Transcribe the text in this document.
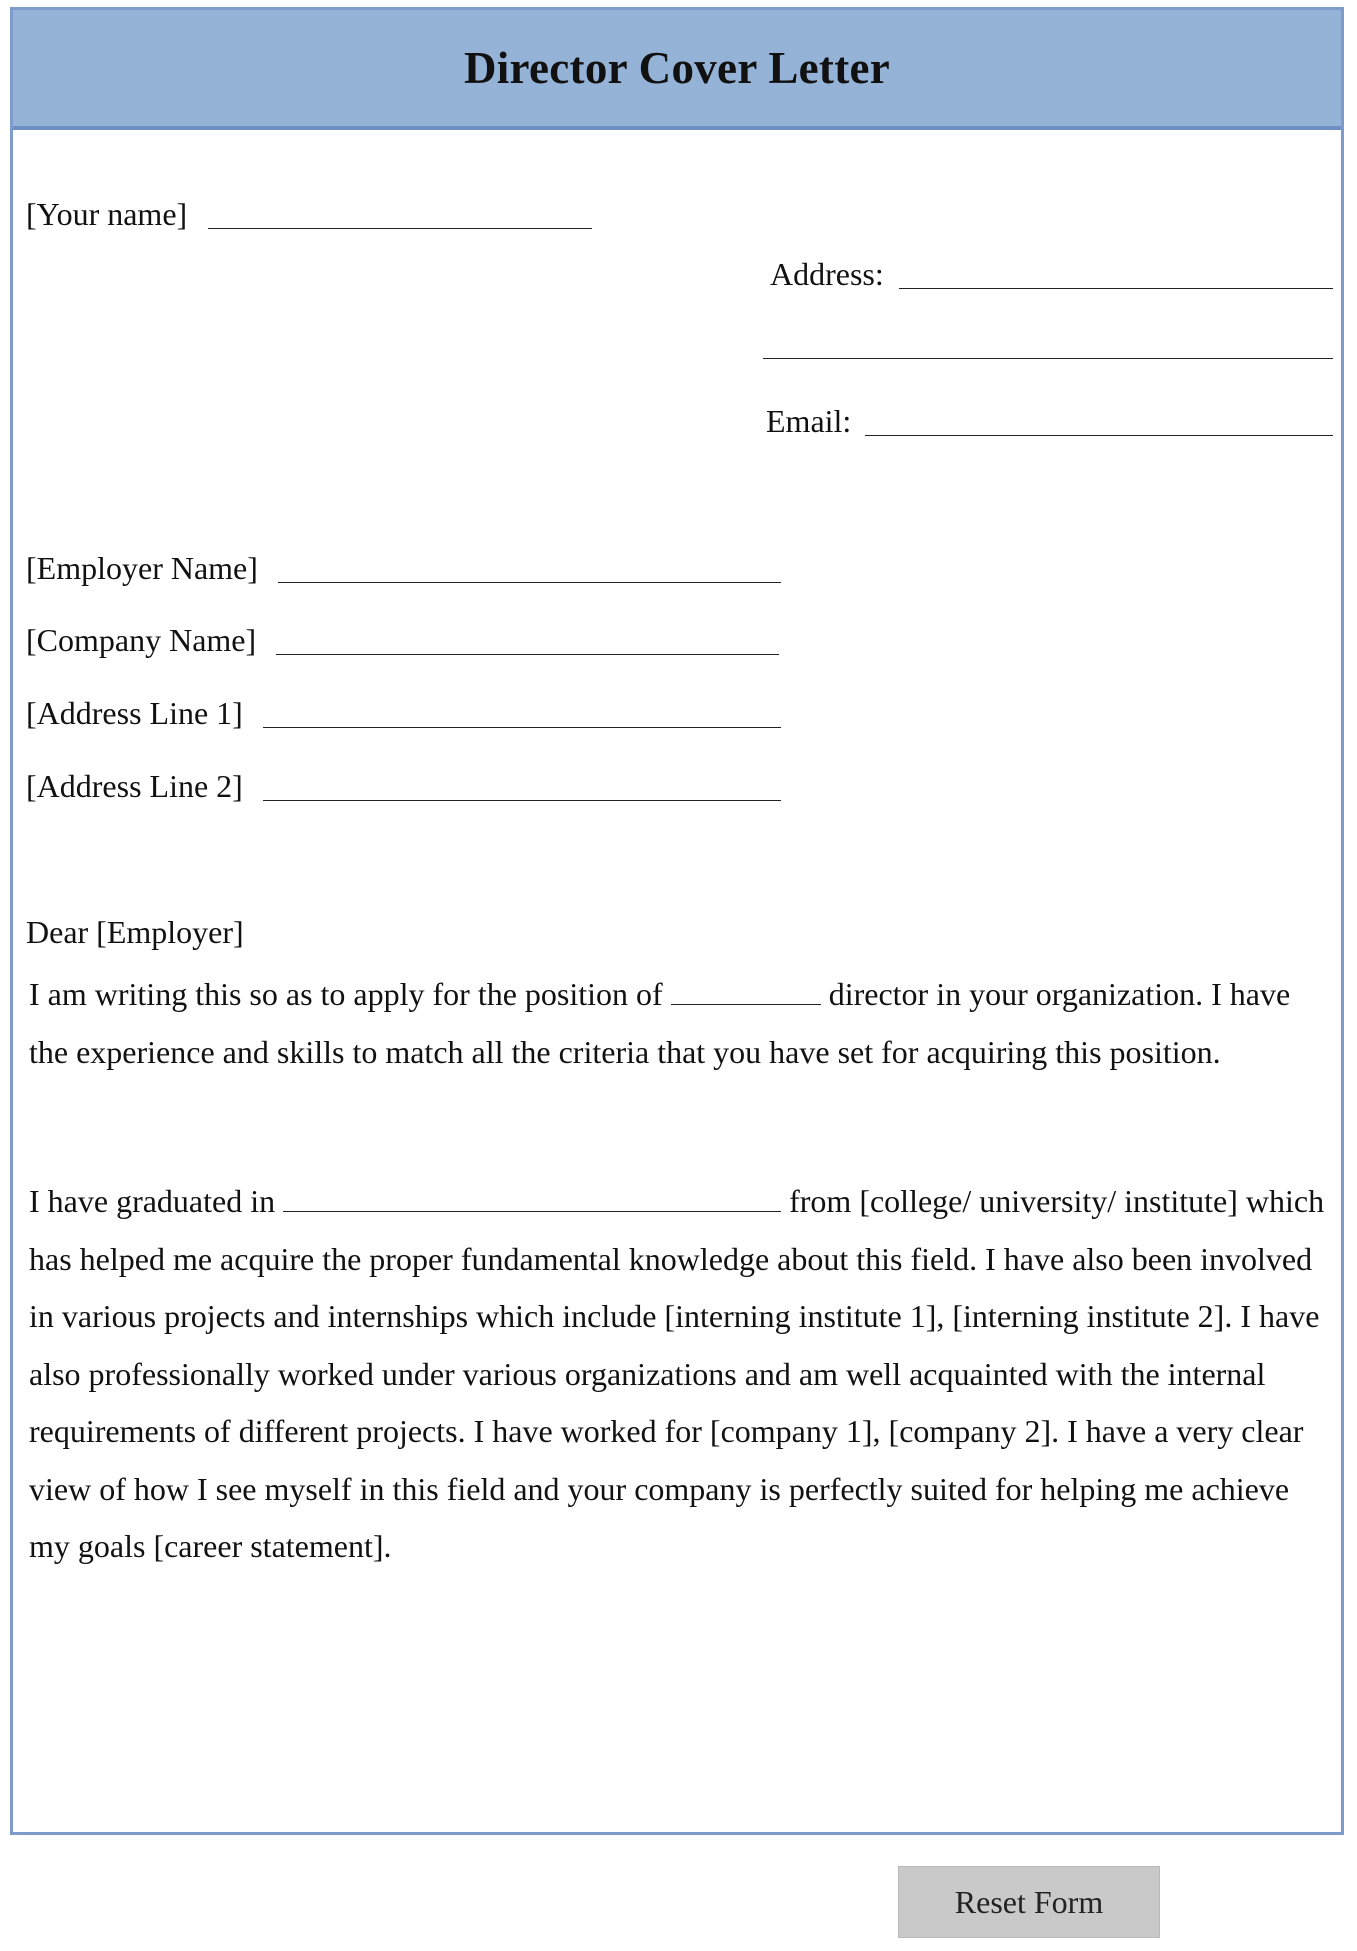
Director Cover Letter
[Your name]
Address:
Email:
[Employer Name]
[Company Name]
[Address Line 1]
[Address Line 2]
Dear [Employer]

I am writing this so as to apply for the position of	director in your organization. I have the experience and skills to match all the criteria that you have set for acquiring this position.

I have graduated in	from [college/ university/ institute] which has helped me acquire the proper fundamental knowledge about this field. I have also been involved in various projects and internships which include [interning institute 1], [interning institute 2]. I have also professionally worked under various organizations and am well acquainted with the internal requirements of different projects. I have worked for [company 1], [company 2]. I have a very clear view of how I see myself in this field and your company is perfectly suited for helping me achieve my goals [career statement].

Reset Form
